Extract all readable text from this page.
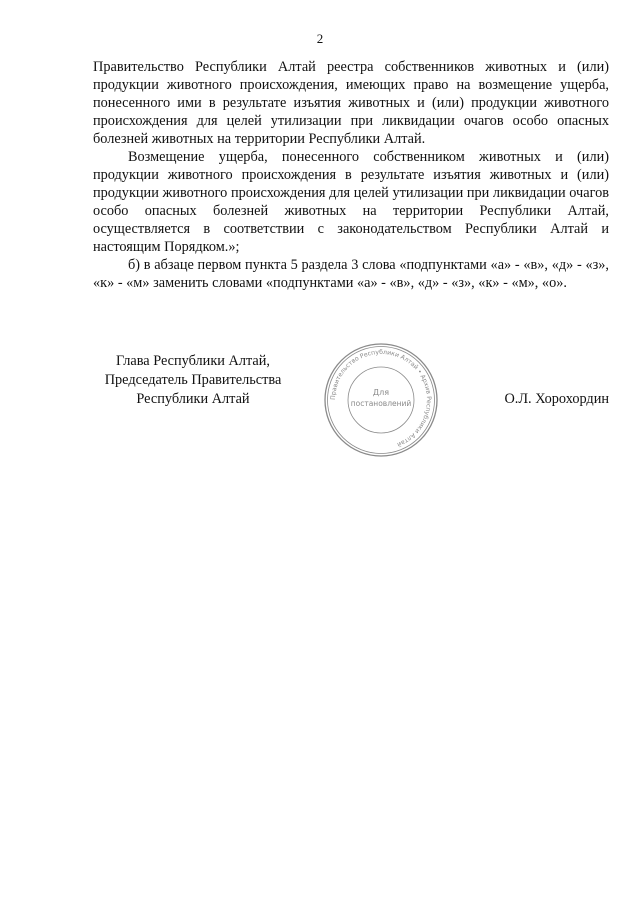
2

Правительство Республики Алтай реестра собственников животных и (или) продукции животного происхождения, имеющих право на возмещение ущерба, понесенного ими в результате изъятия животных и (или) продукции животного происхождения для целей утилизации при ликвидации очагов особо опасных болезней животных на территории Республики Алтай.

Возмещение ущерба, понесенного собственником животных и (или) продукции животного происхождения в результате изъятия животных и (или) продукции животного происхождения для целей утилизации при ликвидации очагов особо опасных болезней животных на территории Республики Алтай, осуществляется в соответствии с законодательством Республики Алтай и настоящим Порядком.»;

б) в абзаце первом пункта 5 раздела 3 слова «подпунктами «а» - «в», «д» - «з», «к» - «м» заменить словами «подпунктами «а» - «в», «д» - «з», «к» - «м», «о».

Глава Республики Алтай,
Председатель Правительства
Республики Алтай	О.Л. Хорохордин
Правительство Республики Алтай • Архив Республики Алтай
Для
постановлений
